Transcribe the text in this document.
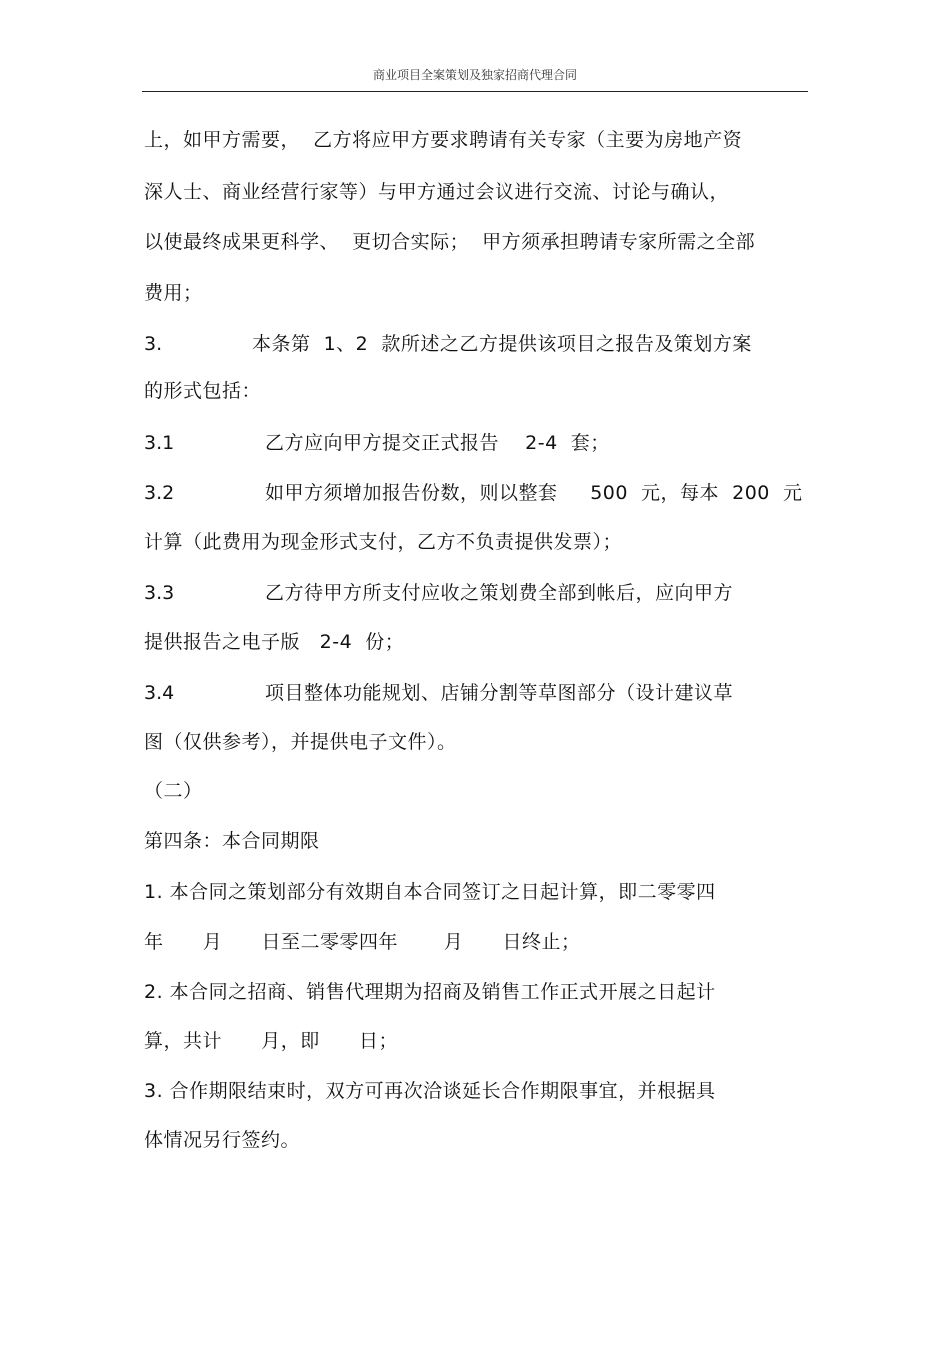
商业项目全案策划及独家招商代理合同
上，如甲方需要，  乙方将应甲方要求聘请有关专家（主要为房地产资
深人士、商业经营行家等）与甲方通过会议进行交流、讨论与确认，
以使最终成果更科学、  更切合实际；  甲方须承担聘请专家所需之全部
费用；
3.	本条第  1、2  款所述之乙方提供该项目之报告及策划方案
的形式包括：
3.1	乙方应向甲方提交正式报告    2-4  套；
3.2	如甲方须增加报告份数，则以整套     500  元，每本  200  元
计算（此费用为现金形式支付，乙方不负责提供发票）；
3.3	乙方待甲方所支付应收之策划费全部到帐后，应向甲方
提供报告之电子版   2-4  份；
3.4	项目整体功能规划、店铺分割等草图部分（设计建议草
图（仅供参考），并提供电子文件）。
（二）
第四条：本合同期限
1. 本合同之策划部分有效期自本合同签订之日起计算，即二零零四
年      月      日至二零零四年       月      日终止；
2. 本合同之招商、销售代理期为招商及销售工作正式开展之日起计
算，共计      月，即      日；
3. 合作期限结束时，双方可再次洽谈延长合作期限事宜，并根据具
体情况另行签约。
